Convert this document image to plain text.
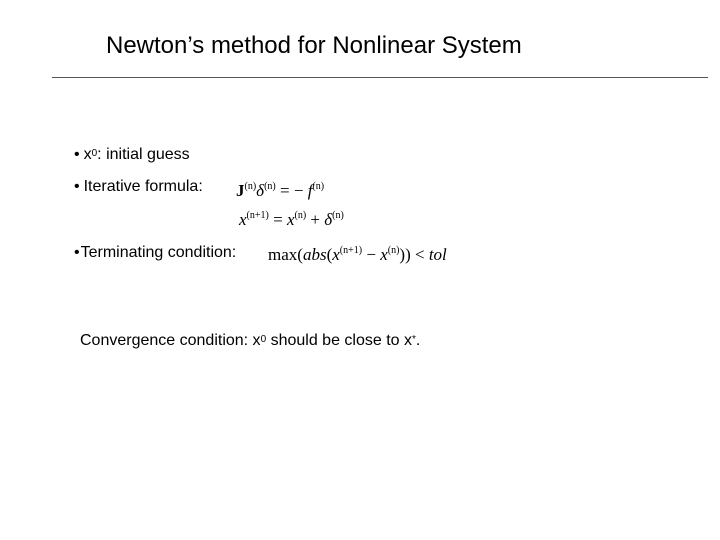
Newton’s method for Nonlinear System
• $x^0$: initial guess
• Iterative formula: $J^{(n)}\delta^{(n)}$ = − $f^{(n)}$
$x^{(n+1)} = x^{(n)} + \delta^{(n)}$
•Terminating condition: $\max(abs(x^{(n+1)} - x^{(n)}))$ < tol
Convergence condition: $x^0$ should be close to x*.
